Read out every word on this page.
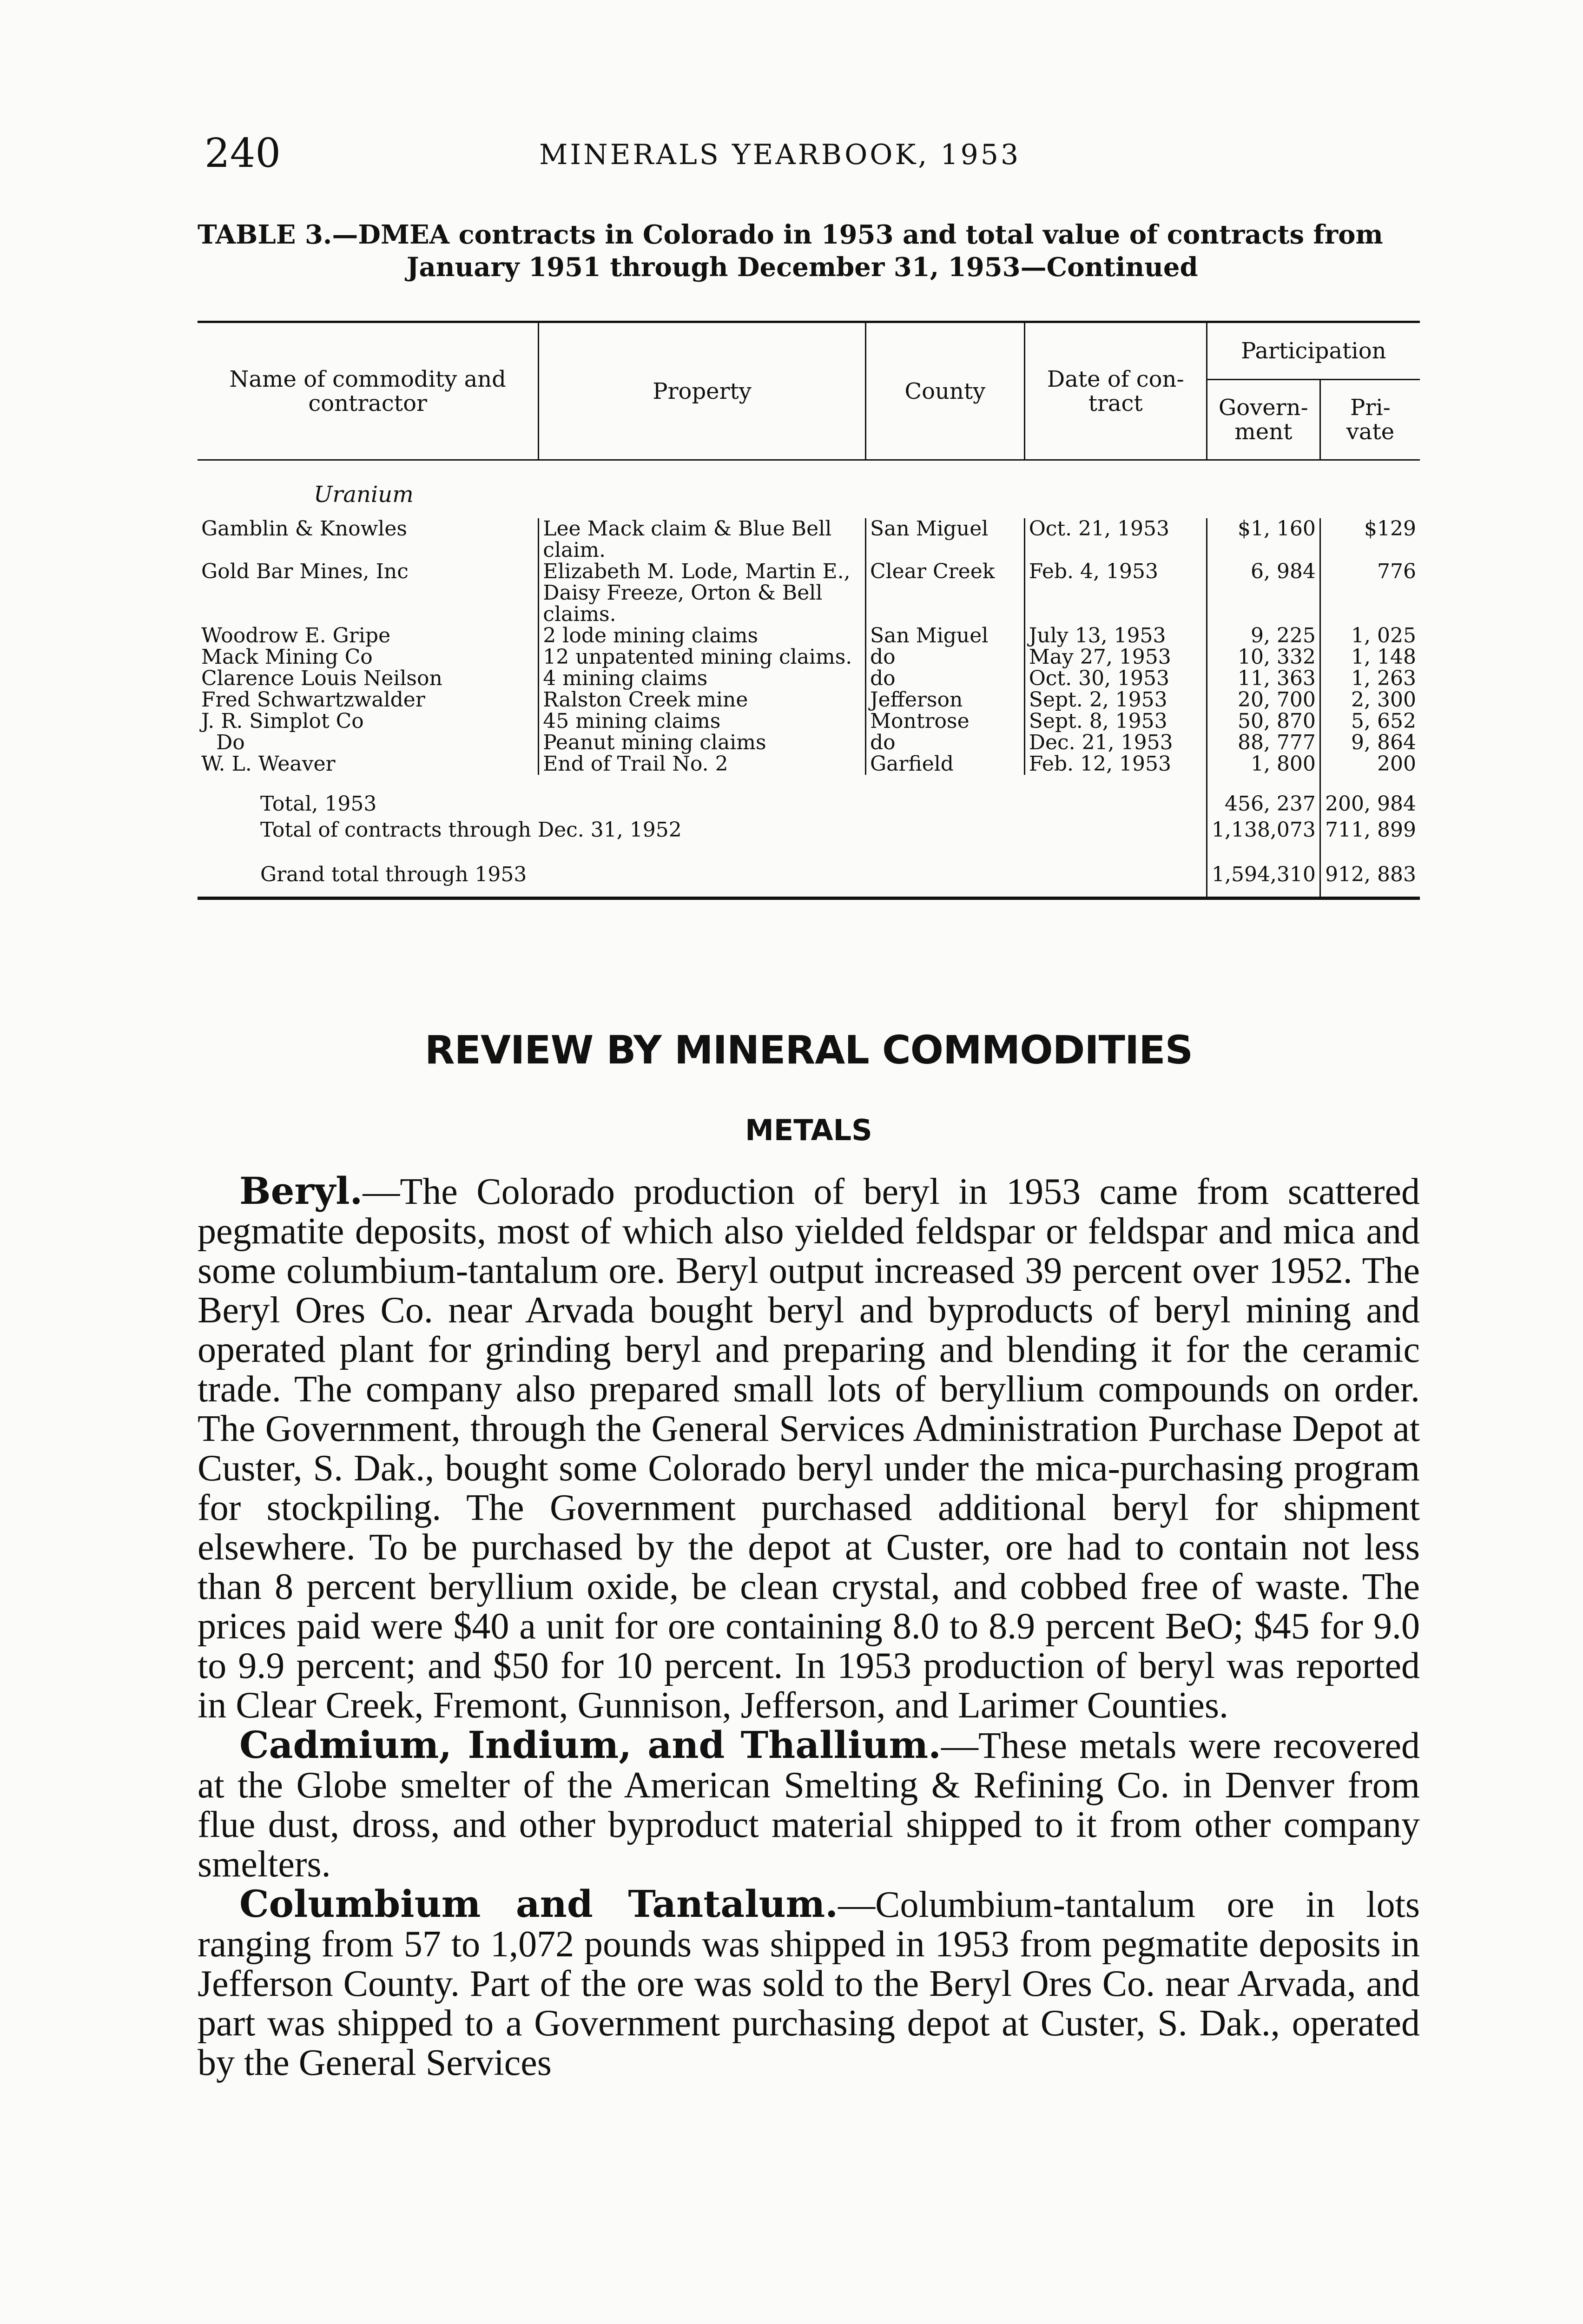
240	MINERALS YEARBOOK, 1953
TABLE 3.—DMEA contracts in Colorado in 1953 and total value of contracts from
January 1951 through December 31, 1953—Continued
Name of commodity and contractor	Property	County	Date of con- tract	Participation	
				Govern- ment	Pri- vate
Uranium					
Gamblin & Knowles	Lee Mack claim & Blue Bell claim.	San Miguel	Oct. 21, 1953	$1, 160	$129
Gold Bar Mines, Inc	Elizabeth M. Lode, Martin E., Daisy Freeze, Orton & Bell claims.	Clear Creek	Feb. 4, 1953	6, 984	776
Woodrow E. Gripe	2 lode mining claims	San Miguel	July 13, 1953	9, 225	1, 025
Mack Mining Co	12 unpatented mining claims.	do	May 27, 1953	10, 332	1, 148
Clarence Louis Neilson	4 mining claims	do	Oct. 30, 1953	11, 363	1, 263
Fred Schwartzwalder	Ralston Creek mine	Jefferson	Sept. 2, 1953	20, 700	2, 300
J. R. Simplot Co	45 mining claims	Montrose	Sept. 8, 1953	50, 870	5, 652
Do	Peanut mining claims	do	Dec. 21, 1953	88, 777	9, 864
W. L. Weaver	End of Trail No. 2	Garfield	Feb. 12, 1953	1, 800	200
Total, 1953				456, 237	200, 984
Total of contracts through Dec. 31, 1952				1,138,073	711, 899
Grand total through 1953				1,594,310	912, 883
REVIEW BY MINERAL COMMODITIES
METALS

Beryl.—The Colorado production of beryl in 1953 came from scattered pegmatite deposits, most of which also yielded feldspar or feldspar and mica and some columbium-tantalum ore. Beryl output increased 39 percent over 1952. The Beryl Ores Co. near Arvada bought beryl and byproducts of beryl mining and operated plant for grinding beryl and preparing and blending it for the ceramic trade. The company also prepared small lots of beryllium compounds on order. The Government, through the General Services Administration Purchase Depot at Custer, S. Dak., bought some Colorado beryl under the mica-purchasing program for stockpiling. The Government purchased additional beryl for shipment elsewhere. To be purchased by the depot at Custer, ore had to contain not less than 8 percent beryllium oxide, be clean crystal, and cobbed free of waste. The prices paid were $40 a unit for ore containing 8.0 to 8.9 percent BeO; $45 for 9.0 to 9.9 percent; and $50 for 10 percent. In 1953 production of beryl was reported in Clear Creek, Fremont, Gunnison, Jefferson, and Larimer Counties.

Cadmium, Indium, and Thallium.—These metals were recovered at the Globe smelter of the American Smelting & Refining Co. in Denver from flue dust, dross, and other byproduct material shipped to it from other company smelters.

Columbium and Tantalum.—Columbium-tantalum ore in lots ranging from 57 to 1,072 pounds was shipped in 1953 from pegmatite deposits in Jefferson County. Part of the ore was sold to the Beryl Ores Co. near Arvada, and part was shipped to a Government purchasing depot at Custer, S. Dak., operated by the General Services
